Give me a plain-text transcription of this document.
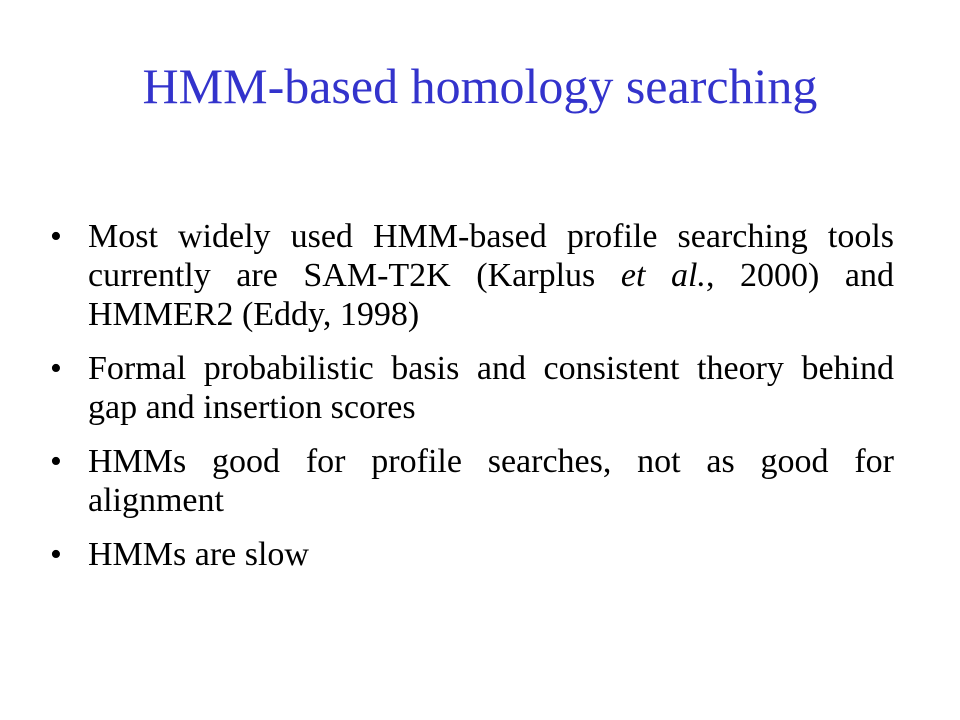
HMM-based homology searching
• Most widely used HMM-based profile searching tools currently are SAM-T2K (Karplus et al., 2000) and HMMER2 (Eddy, 1998)
• Formal probabilistic basis and consistent theory behind gap and insertion scores
• HMMs good for profile searches, not as good for alignment
• HMMs are slow
